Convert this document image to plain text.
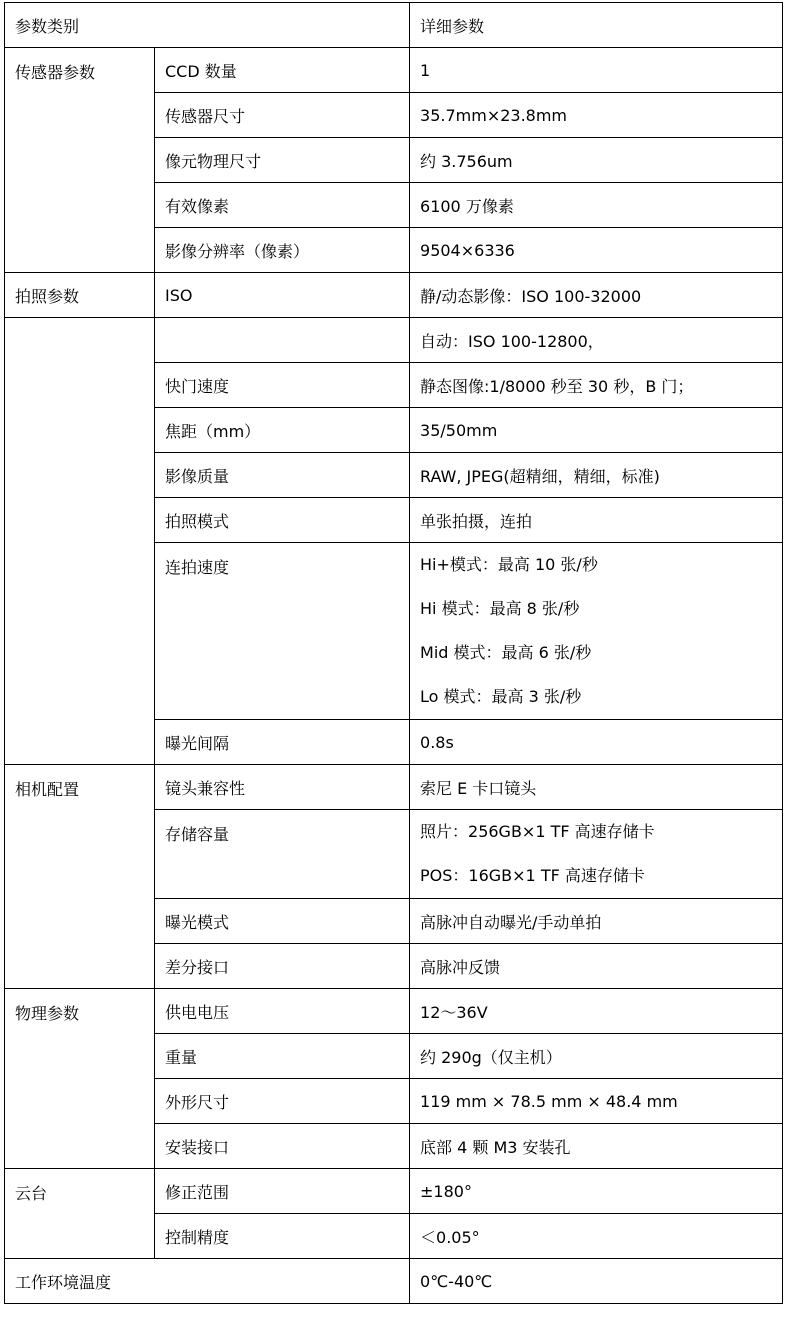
参数类别		详细参数
传感器参数	CCD 数量	1
	传感器尺寸	35.7mm×23.8mm
	像元物理尺寸	约 3.756um
	有效像素	6100 万像素
	影像分辨率（像素）	9504×6336
拍照参数	ISO	静/动态影像：ISO 100-32000
		自动：ISO 100-12800，
	快门速度	静态图像:1/8000 秒至 30 秒，B 门；
	焦距（mm）	35/50mm
	影像质量	RAW, JPEG(超精细，精细，标准)
	拍照模式	单张拍摄，连拍
	连拍速度	Hi+模式：最高 10 张/秒
Hi 模式：最高 8 张/秒
Mid 模式：最高 6 张/秒
Lo 模式：最高 3 张/秒

	曝光间隔	0.8s
相机配置	镜头兼容性	索尼 E 卡口镜头
	存储容量	照片：256GB×1 TF 高速存储卡
POS：16GB×1 TF 高速存储卡

	曝光模式	高脉冲自动曝光/手动单拍
	差分接口	高脉冲反馈
物理参数	供电电压	12～36V
	重量	约 290g（仅主机）
	外形尺寸	119 mm × 78.5 mm × 48.4 mm
	安装接口	底部 4 颗 M3 安装孔
云台	修正范围	±180°
	控制精度	＜0.05°
工作环境温度		0℃-40℃
